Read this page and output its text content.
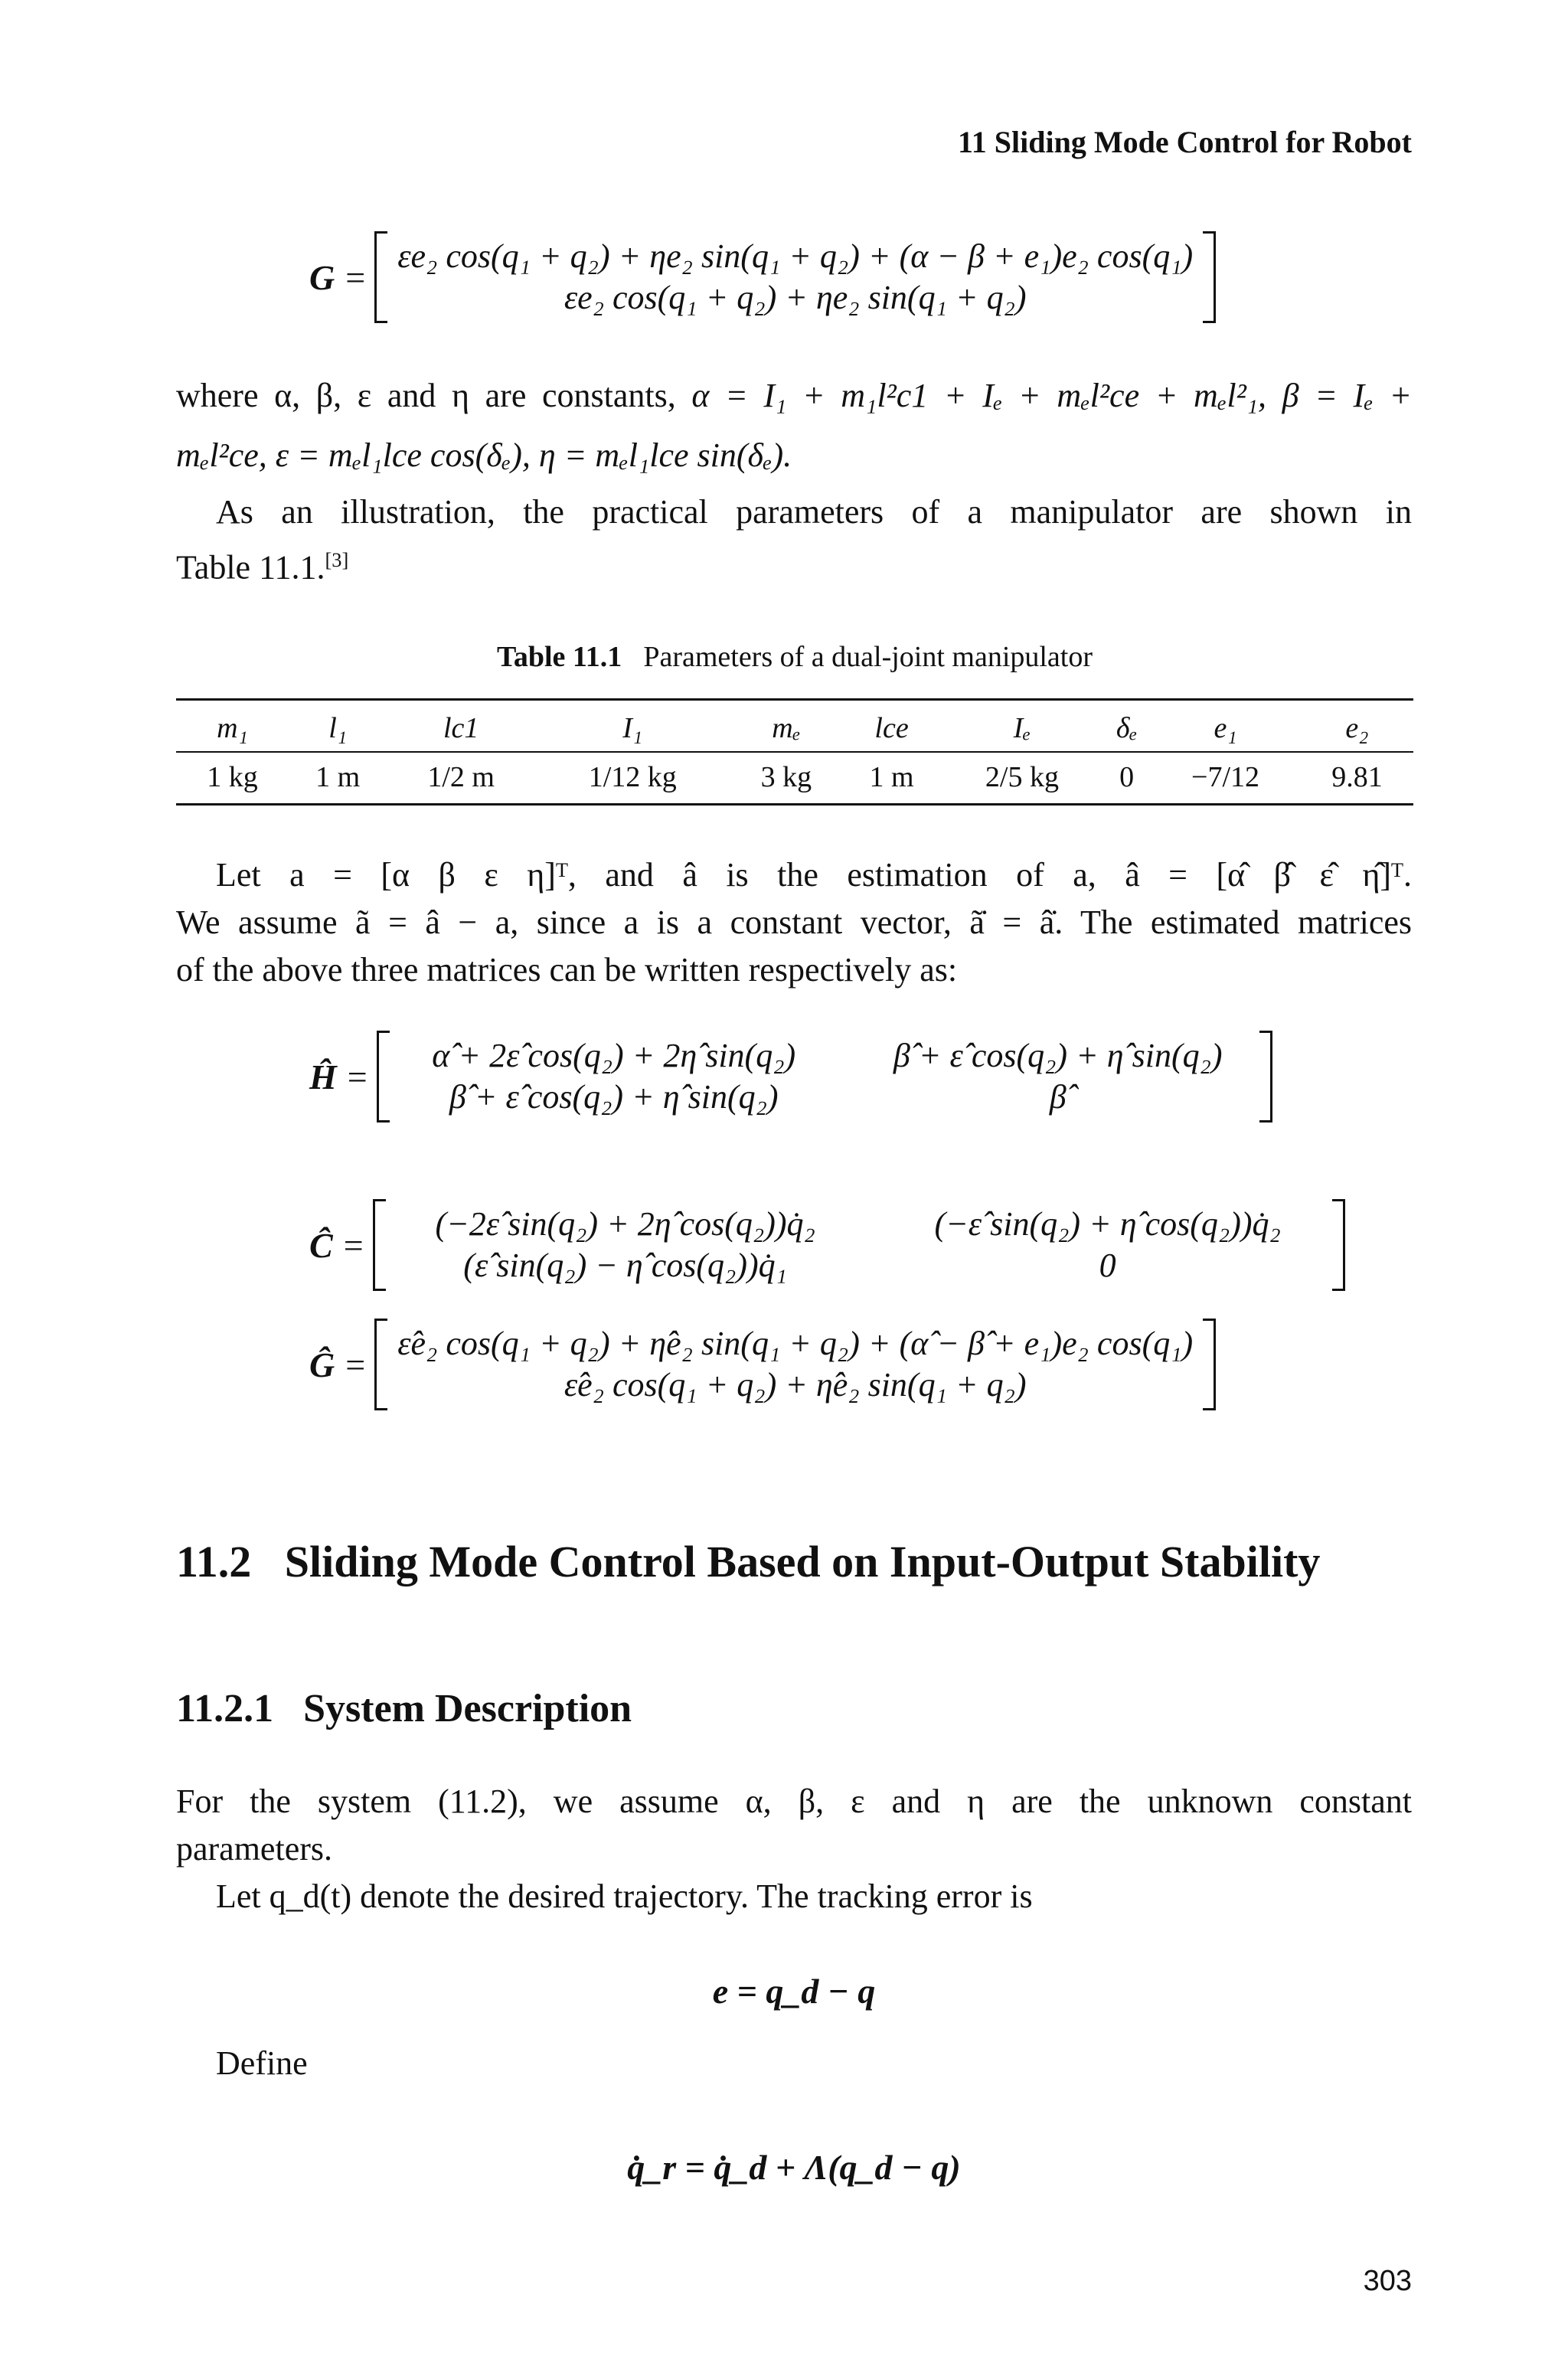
11 Sliding Mode Control for Robot
G =
εe₂ cos(q₁ + q₂) + ηe₂ sin(q₁ + q₂) + (α − β + e₁)e₂ cos(q₁)
εe₂ cos(q₁ + q₂) + ηe₂ sin(q₁ + q₂)
where α, β, ε and η are constants, α = I₁ + m₁l²c1 + Iₑ + mₑl²ce + mₑl²₁, β = Iₑ +
mₑl²ce, ε = mₑl₁lce cos(δₑ), η = mₑl₁lce sin(δₑ).
As an illustration, the practical parameters of a manipulator are shown in
Table 11.1.[3]
Table 11.1 Parameters of a dual-joint manipulator
m₁	l₁	lc1	I₁	mₑ	lce	Iₑ	δₑ	e₁	e₂
1 kg	1 m	1/2 m	1/12 kg	3 kg	1 m	2/5 kg	0	−7/12	9.81
Let a = [α β ε η]ᵀ, and â is the estimation of a, â = [α̂ β̂ ε̂ η̂]ᵀ.
We assume ã = â − a, since a is a constant vector, ã̇ = â̇. The estimated matrices
of the above three matrices can be written respectively as:
Ĥ =
α̂ + 2ε̂ cos(q₂) + 2η̂ sin(q₂)	β̂ + ε̂ cos(q₂) + η̂ sin(q₂)
β̂ + ε̂ cos(q₂) + η̂ sin(q₂)	β̂
Ĉ =
(−2ε̂ sin(q₂) + 2η̂ cos(q₂))q̇₂	(−ε̂ sin(q₂) + η̂ cos(q₂))q̇₂
(ε̂ sin(q₂) − η̂ cos(q₂))q̇₁	0
Ĝ =
ε̂e₂ cos(q₁ + q₂) + η̂e₂ sin(q₁ + q₂) + (α̂ − β̂ + e₁)e₂ cos(q₁)
ε̂e₂ cos(q₁ + q₂) + η̂e₂ sin(q₁ + q₂)
11.2   Sliding Mode Control Based on Input-Output Stability
11.2.1   System Description
For the system (11.2), we assume α, β, ε and η are the unknown constant
parameters.
Let q_d(t) denote the desired trajectory. The tracking error is
e = q_d − q
Define
q̇_r = q̇_d + Λ(q_d − q)
303
